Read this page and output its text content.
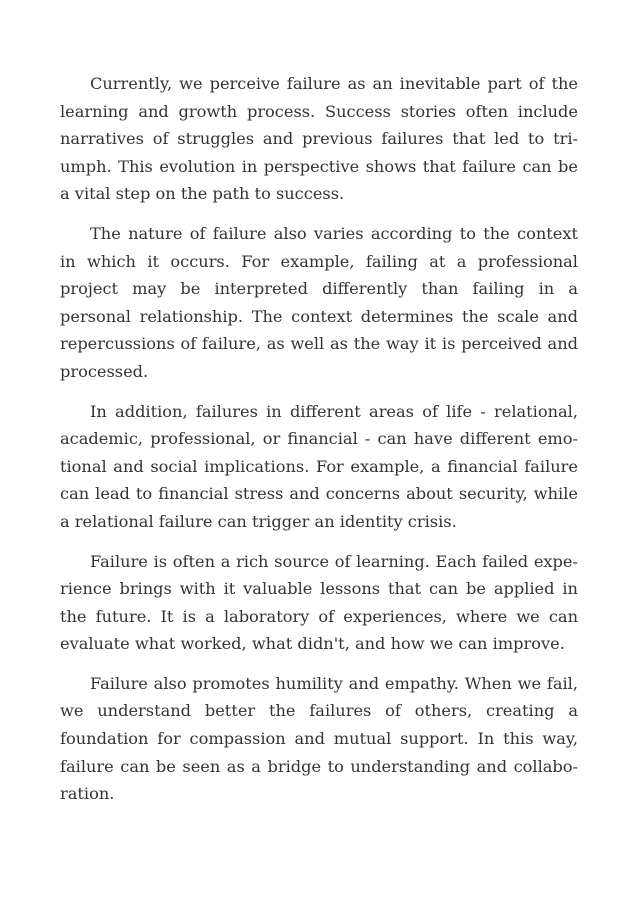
Currently, we perceive failure as an inevitable part of the learning and growth process. Success stories often include narratives of struggles and previous failures that led to triumph. This evolution in perspective shows that failure can be a vital step on the path to success.

The nature of failure also varies according to the context in which it occurs. For example, failing at a professional project may be interpreted differently than failing in a personal relationship. The context determines the scale and repercussions of failure, as well as the way it is perceived and processed.

In addition, failures in different areas of life - relational, academic, professional, or financial - can have different emotional and social implications. For example, a financial failure can lead to financial stress and concerns about security, while a relational failure can trigger an identity crisis.

Failure is often a rich source of learning. Each failed experience brings with it valuable lessons that can be applied in the future. It is a laboratory of experiences, where we can evaluate what worked, what didn't, and how we can improve.

Failure also promotes humility and empathy. When we fail, we understand better the failures of others, creating a foundation for compassion and mutual support. In this way, failure can be seen as a bridge to understanding and collaboration.
